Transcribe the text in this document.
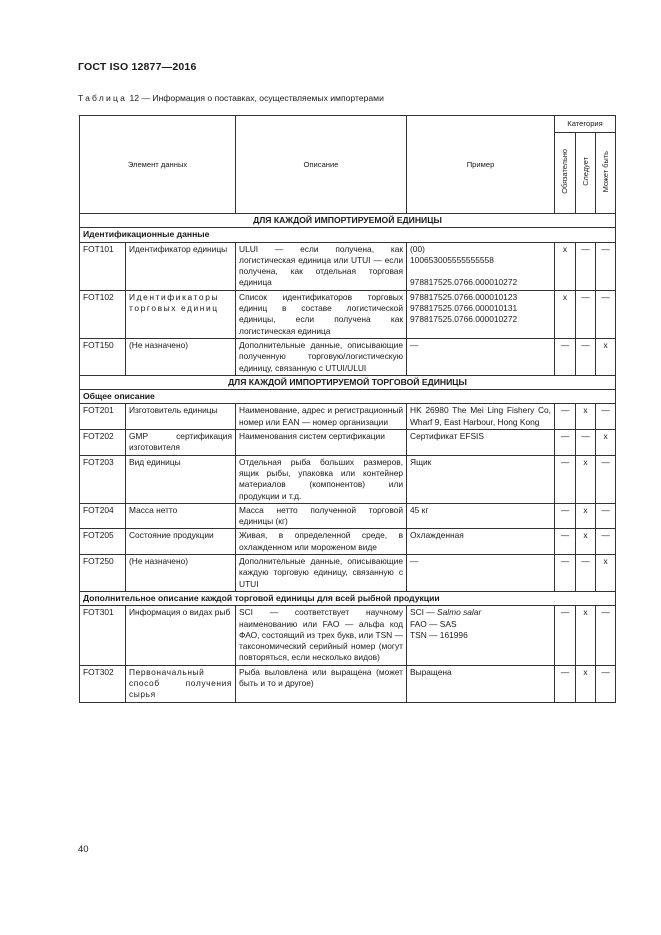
ГОСТ ISO 12877—2016
Таблица 12 — Информация о поставках, осуществляемых импортерами
Элемент данных		Описание	Пример	Категория		
				Обязательно	Следует	Может быть
ДЛЯ КАЖДОЙ ИМПОРТИРУЕМОЙ ЕДИНИЦЫ						
Идентификационные данные						
FOT101	Идентификатор единицы	ULUI — если получена, как логистическая единица или UTUI — если получена, как отдельная торговая единица	(00)
100653005555555558
978817525.0766.000010272	x	—	—
FOT102	Идентификаторы торговых единиц	Список идентификаторов торговых единиц в составе логистической единицы, если получена как логистическая единица	978817525.0766.000010123
978817525.0766.000010131
978817525.0766.000010272	x	—	—
FOT150	(Не назначено)	Дополнительные данные, описывающие полученную торговую/логистическую единицу, связанную с UTUI/ULUI	—	—	—	x
ДЛЯ КАЖДОЙ ИМПОРТИРУЕМОЙ ТОРГОВОЙ ЕДИНИЦЫ						
Общее описание						
FOT201	Изготовитель единицы	Наименование, адрес и регистрационный номер или EAN — номер организации	HK 26980 The Mei Ling Fishery Co, Wharf 9, East Harbour, Hong Kong	—	x	—
FOT202	GMP сертификация изготовителя	Наименования систем сертификации	Сертификат EFSIS	—	—	x
FOT203	Вид единицы	Отдельная рыба больших размеров, ящик рыбы, упаковка или контейнер материалов (компонентов) или продукции и т.д.	Ящик	—	x	—
FOT204	Масса нетто	Масса нетто полученной торговой единицы (кг)	45 кг	—	x	—
FOT205	Состояние продукции	Живая, в определенной среде, в охлажденном или мороженом виде	Охлажденная	—	x	—
FOT250	(Не назначено)	Дополнительные данные, описывающие каждую торговую единицу, связанную с UTUI	—	—	—	x
Дополнительное описание каждой торговой единицы для всей рыбной продукции						
FOT301	Информация о видах рыб	SCI — соответствует научному наименованию или FAO — альфа код ФАО, состоящий из трех букв, или TSN — таксономический серийный номер (могут повторяться, если несколько видов)	SCI — Salmo salar
FAO — SAS
TSN — 161996	—	x	—
FOT302	Первоначальный способ получения сырья	Рыба выловлена или выращена (может быть и то и другое)	Выращена	—	x	—
40
